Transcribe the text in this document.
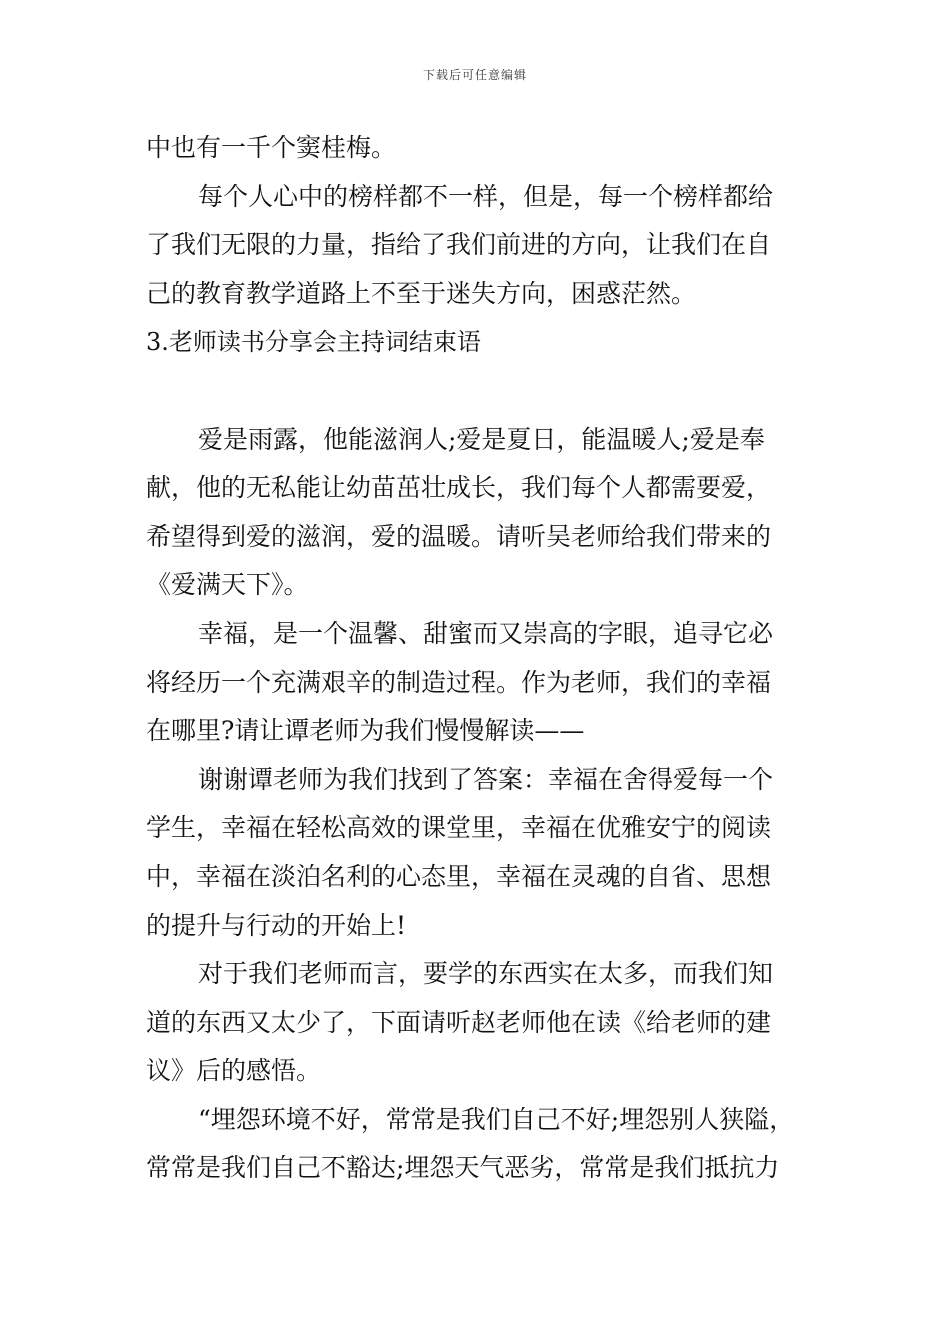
下载后可任意编辑
中也有一千个窦桂梅。
每个人心中的榜样都不一样，但是，每一个榜样都给
了我们无限的力量，指给了我们前进的方向，让我们在自
己的教育教学道路上不至于迷失方向，困惑茫然。
3.老师读书分享会主持词结束语
爱是雨露，他能滋润人;爱是夏日，能温暖人;爱是奉
献，他的无私能让幼苗茁壮成长，我们每个人都需要爱，
希望得到爱的滋润，爱的温暖。请听吴老师给我们带来的
《爱满天下》。
幸福，是一个温馨、甜蜜而又崇高的字眼，追寻它必
将经历一个充满艰辛的制造过程。作为老师，我们的幸福
在哪里?请让谭老师为我们慢慢解读——
谢谢谭老师为我们找到了答案：幸福在舍得爱每一个
学生，幸福在轻松高效的课堂里，幸福在优雅安宁的阅读
中，幸福在淡泊名利的心态里，幸福在灵魂的自省、思想
的提升与行动的开始上!
对于我们老师而言，要学的东西实在太多，而我们知
道的东西又太少了，下面请听赵老师他在读《给老师的建
议》后的感悟。
“埋怨环境不好，常常是我们自己不好;埋怨别人狭隘，
常常是我们自己不豁达;埋怨天气恶劣，常常是我们抵抗力
